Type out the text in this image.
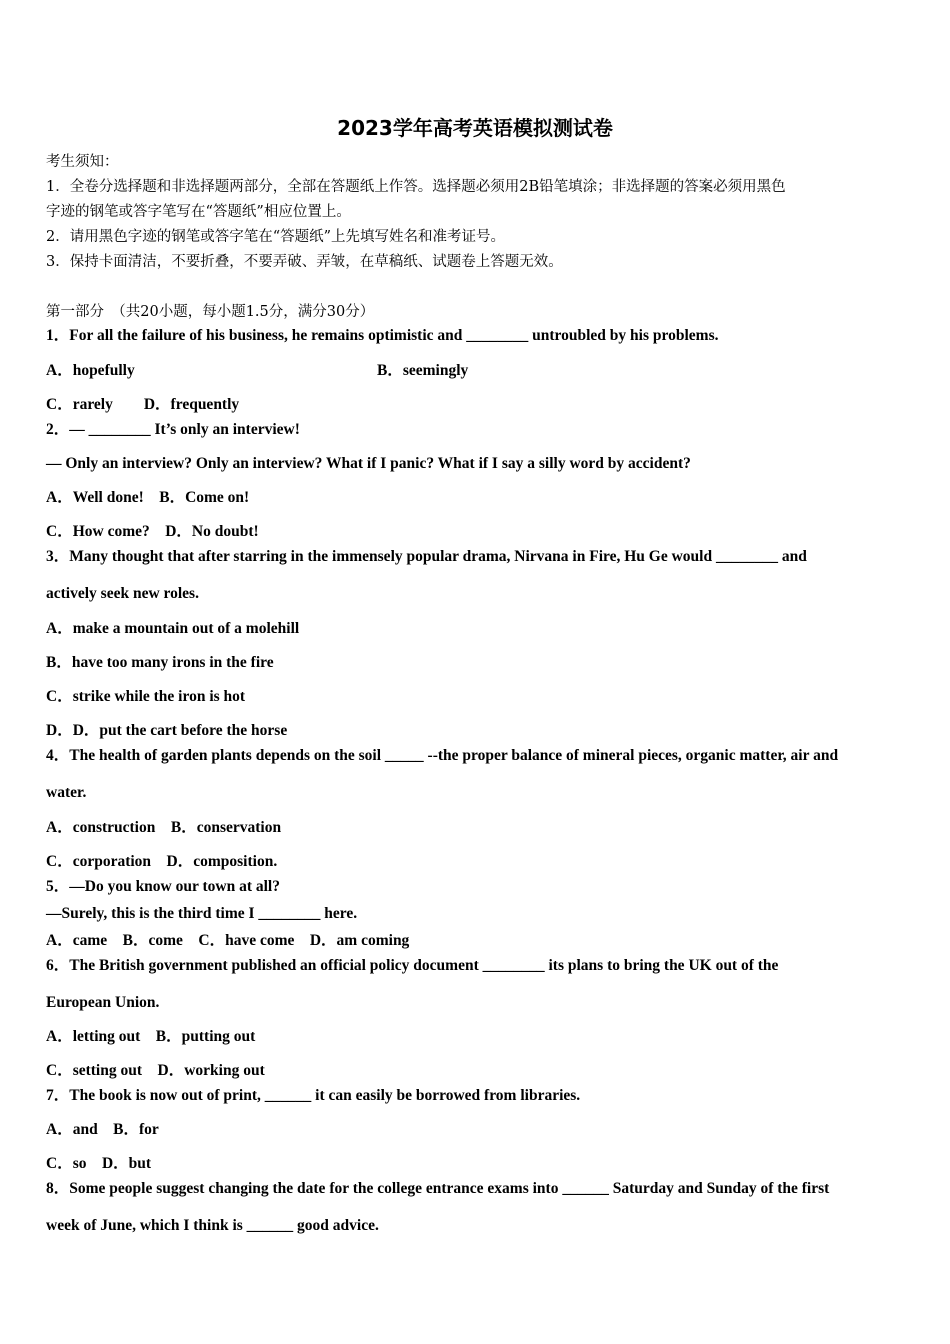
2023学年高考英语模拟测试卷
考生须知：
1．全卷分选择题和非选择题两部分，全部在答题纸上作答。选择题必须用2B铅笔填涂；非选择题的答案必须用黑色
字迹的钢笔或答字笔写在“答题纸”相应位置上。
2．请用黑色字迹的钢笔或答字笔在“答题纸”上先填写姓名和准考证号。
3．保持卡面清洁，不要折叠，不要弄破、弄皱，在草稿纸、试题卷上答题无效。
第一部分　（共20小题，每小题1.5分，满分30分）
1．For all the failure of his business, he remains optimistic and ________ untroubled by his problems.
A．hopefully	B．seemingly
C．rarely　　D．frequently
2．— ________ It’s only an interview!
— Only an interview? Only an interview? What if I panic? What if I say a silly word by accident?
A．Well done!　B．Come on!
C．How come?　D．No doubt!
3．Many thought that after starring in the immensely popular drama, Nirvana in Fire, Hu Ge would ________ and
actively seek new roles.
A．make a mountain out of a molehill
B．have too many irons in the fire
C．strike while the iron is hot
D．D．put the cart before the horse
4．The health of garden plants depends on the soil _____ --the proper balance of mineral pieces, organic matter, air and
water.
A．construction　B．conservation
C．corporation　D．composition.
5．—Do you know our town at all?
—Surely, this is the third time I ________ here.
A．came　B．come　C．have come　D．am coming
6．The British government published an official policy document ________ its plans to bring the UK out of the
European Union.
A．letting out　B．putting out
C．setting out　D．working out
7．The book is now out of print, ______ it can easily be borrowed from libraries.
A．and　B．for
C．so　D．but
8．Some people suggest changing the date for the college entrance exams into ______ Saturday and Sunday of the first
week of June, which I think is ______ good advice.
